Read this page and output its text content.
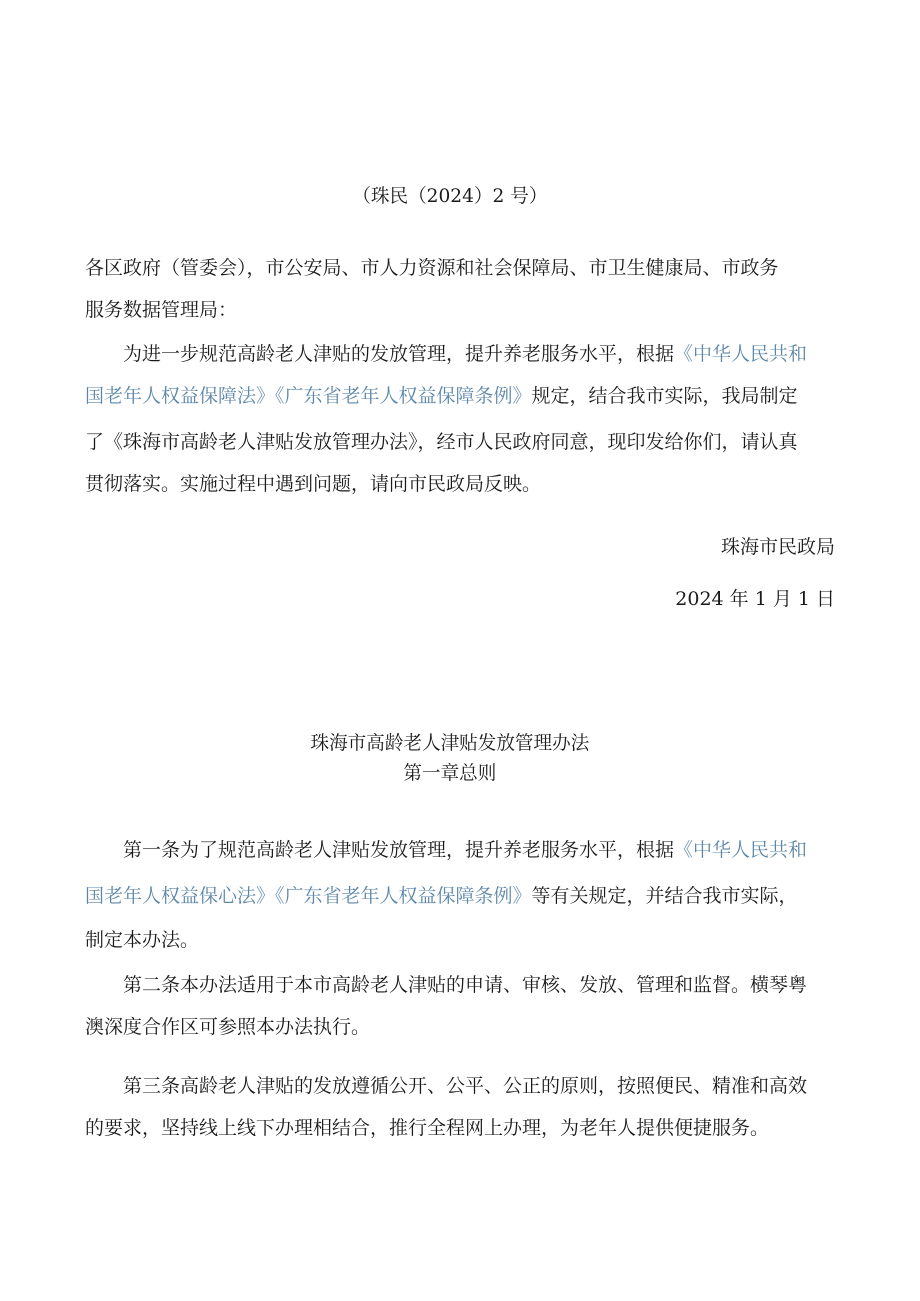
（珠民（2024）2 号）
各区政府（管委会），市公安局、市人力资源和社会保障局、市卫生健康局、市政务
服务数据管理局：
为进一步规范高龄老人津贴的发放管理，提升养老服务水平，根据《中华人民共和
国老年人权益保障法》《广东省老年人权益保障条例》规定，结合我市实际，我局制定
了《珠海市高龄老人津贴发放管理办法》，经市人民政府同意，现印发给你们，请认真
贯彻落实。实施过程中遇到问题，请向市民政局反映。
珠海市民政局
2024 年 1 月 1 日
珠海市高龄老人津贴发放管理办法
第一章总则
第一条为了规范高龄老人津贴发放管理，提升养老服务水平，根据《中华人民共和
国老年人权益保心法》《广东省老年人权益保障条例》等有关规定，并结合我市实际，
制定本办法。
第二条本办法适用于本市高龄老人津贴的申请、审核、发放、管理和监督。横琴粤
澳深度合作区可参照本办法执行。
第三条高龄老人津贴的发放遵循公开、公平、公正的原则，按照便民、精准和高效
的要求，坚持线上线下办理相结合，推行全程网上办理，为老年人提供便捷服务。
